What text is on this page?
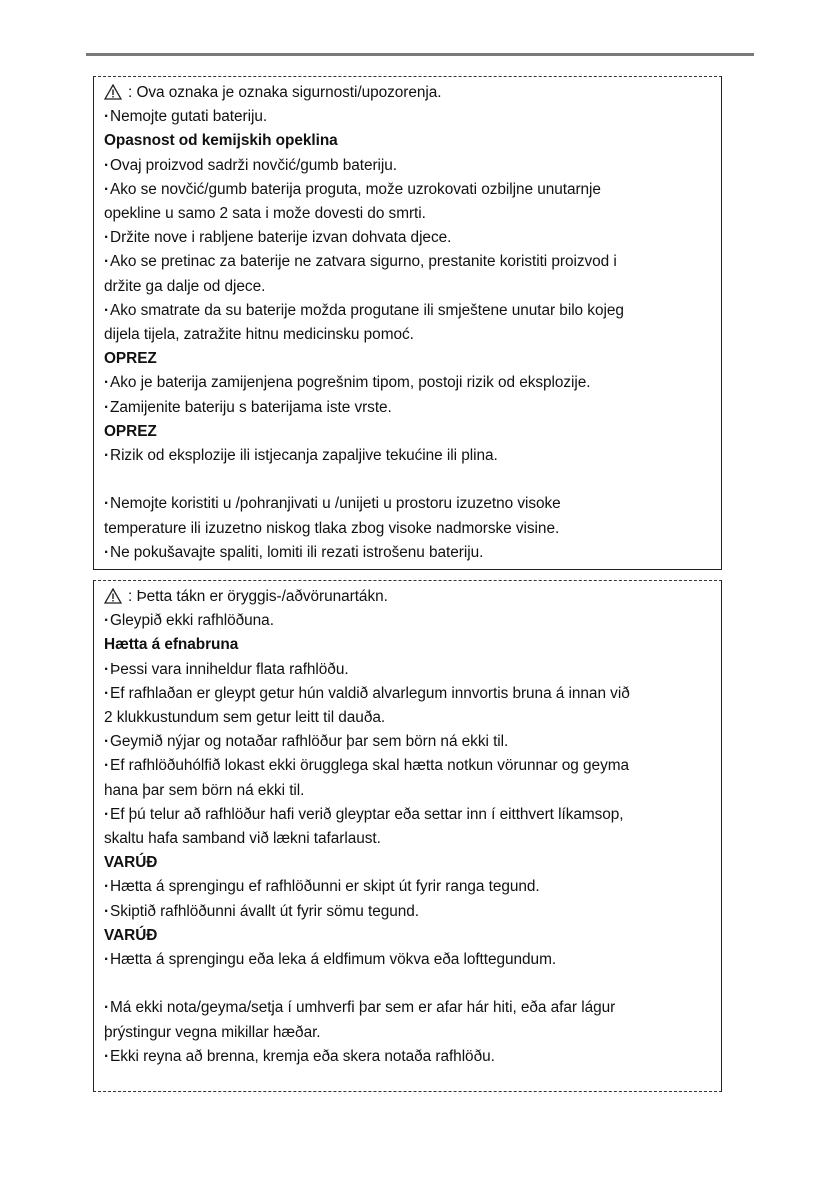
: Ova oznaka je oznaka sigurnosti/upozorenja.
·Nemojte gutati bateriju.
Opasnost od kemijskih opeklina
·Ovaj proizvod sadrži novčić/gumb bateriju.
·Ako se novčić/gumb baterija proguta, može uzrokovati ozbiljne unutarnje
opekline u samo 2 sata i može dovesti do smrti.
·Držite nove i rabljene baterije izvan dohvata djece.
·Ako se pretinac za baterije ne zatvara sigurno, prestanite koristiti proizvod i
držite ga dalje od djece.
·Ako smatrate da su baterije možda progutane ili smještene unutar bilo kojeg
dijela tijela, zatražite hitnu medicinsku pomoć.
OPREZ
·Ako je baterija zamijenjena pogrešnim tipom, postoji rizik od eksplozije.
·Zamijenite bateriju s baterijama iste vrste.
OPREZ
·Rizik od eksplozije ili istjecanja zapaljive tekućine ili plina.
·Nemojte koristiti u /pohranjivati u /unijeti u prostoru izuzetno visoke
temperature ili izuzetno niskog tlaka zbog visoke nadmorske visine.
·Ne pokušavajte spaliti, lomiti ili rezati istrošenu bateriju.
: Þetta tákn er öryggis-/aðvörunartákn.
·Gleypið ekki rafhlöðuna.
Hætta á efnabruna
·Þessi vara inniheldur flata rafhlöðu.
·Ef rafhlaðan er gleypt getur hún valdið alvarlegum innvortis bruna á innan við
2 klukkustundum sem getur leitt til dauða.
·Geymið nýjar og notaðar rafhlöður þar sem börn ná ekki til.
·Ef rafhlöðuhólfið lokast ekki örugglega skal hætta notkun vörunnar og geyma
hana þar sem börn ná ekki til.
·Ef þú telur að rafhlöður hafi verið gleyptar eða settar inn í eitthvert líkamsop,
skaltu hafa samband við lækni tafarlaust.
VARÚÐ
·Hætta á sprengingu ef rafhlöðunni er skipt út fyrir ranga tegund.
·Skiptið rafhlöðunni ávallt út fyrir sömu tegund.
VARÚÐ
·Hætta á sprengingu eða leka á eldfimum vökva eða lofttegundum.
·Má ekki nota/geyma/setja í umhverfi þar sem er afar hár hiti, eða afar lágur
þrýstingur vegna mikillar hæðar.
·Ekki reyna að brenna, kremja eða skera notaða rafhlöðu.
